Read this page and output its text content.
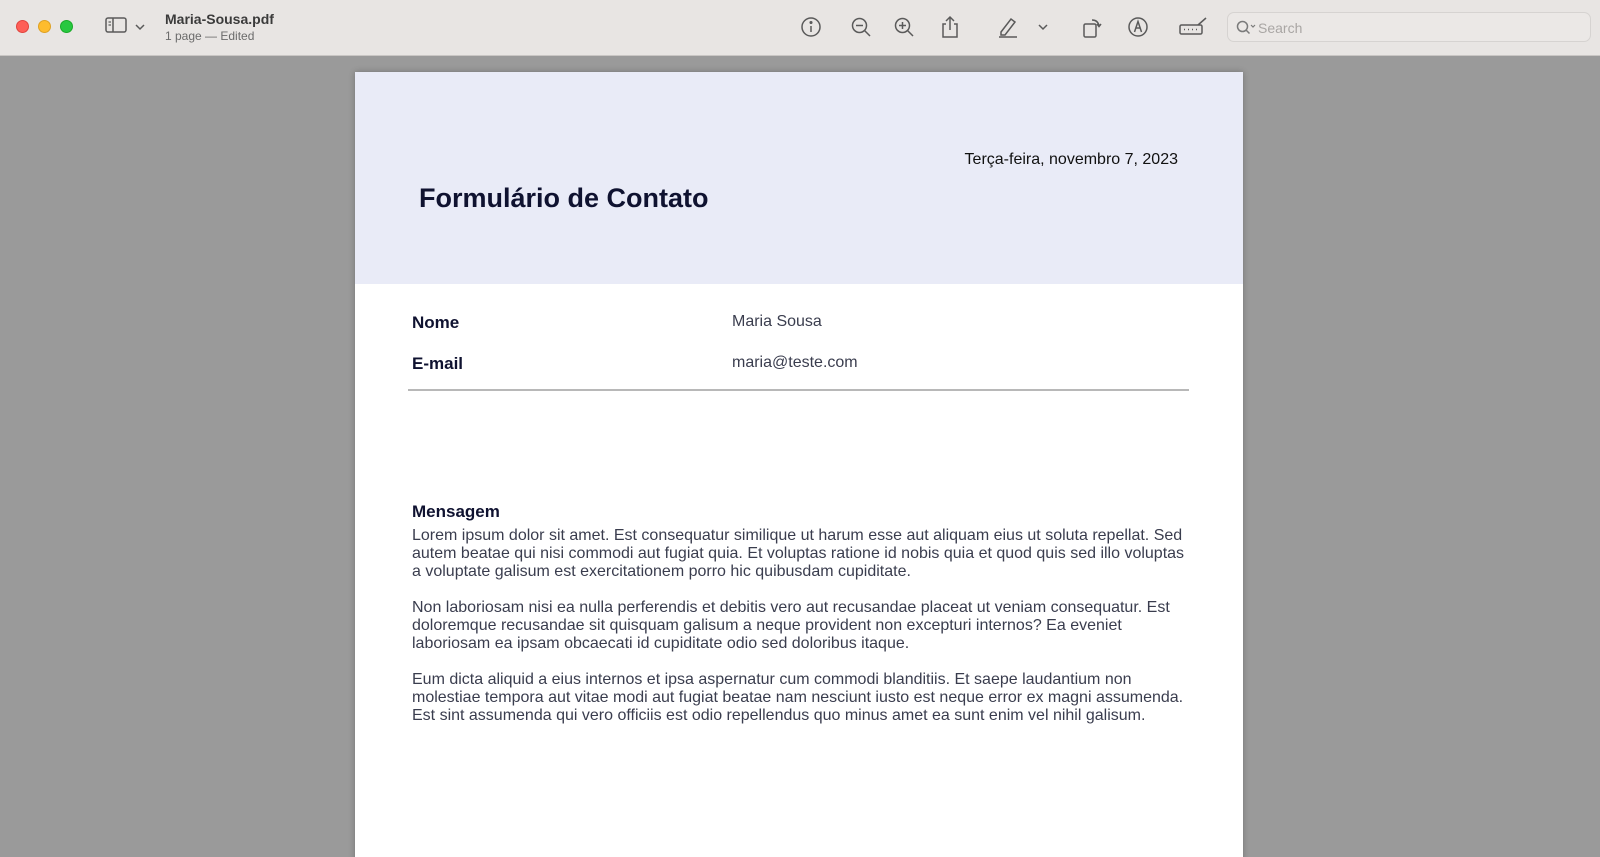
Maria-Sousa.pdf
1 page — Edited
Search
Terça-feira, novembro 7, 2023
Formulário de Contato
Nome	Maria Sousa
E-mail	maria@teste.com
Mensagem

Lorem ipsum dolor sit amet. Est consequatur similique ut harum esse aut aliquam eius ut soluta repellat. Sed autem beatae qui nisi commodi aut fugiat quia. Et voluptas ratione id nobis quia et quod quis sed illo voluptas a voluptate galisum est exercitationem porro hic quibusdam cupiditate.

Non laboriosam nisi ea nulla perferendis et debitis vero aut recusandae placeat ut veniam consequatur. Est doloremque recusandae sit quisquam galisum a neque provident non excepturi internos? Ea eveniet laboriosam ea ipsam obcaecati id cupiditate odio sed doloribus itaque.

Eum dicta aliquid a eius internos et ipsa aspernatur cum commodi blanditiis. Et saepe laudantium non molestiae tempora aut vitae modi aut fugiat beatae nam nesciunt iusto est neque error ex magni assumenda. Est sint assumenda qui vero officiis est odio repellendus quo minus amet ea sunt enim vel nihil galisum.
